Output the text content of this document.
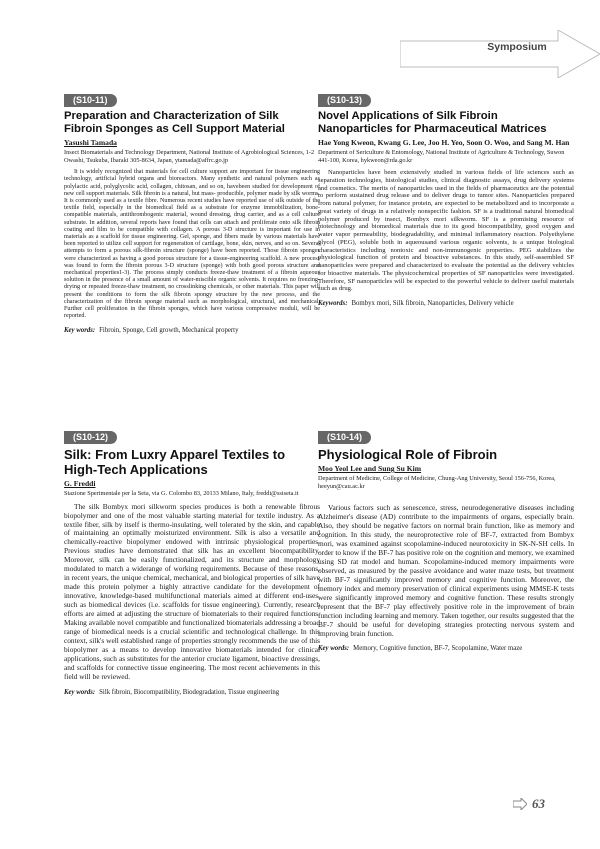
Symposium
(S10-11)
Preparation and Characterization of Silk Fibroin Sponges as Cell Support Material
Yasushi Tamada
Insect Biomaterials and Technology Department, National Institute of Agrobiological Sciences, 1-2 Owashi, Tsukuba, Ibaraki 305-8634, Japan, ytamada@affrc.go.jp

It is widely recognized that materials for cell culture support are important for tissue engineering technology, artificial hybrid organs and bioreactors. Many synthetic and natural polymers such as polylactic acid, polyglycolic acid, collagen, chitosan, and so on, havebeen studied for development of new cell support materials. Silk fibroin is a natural, but mass- producible, polymer made by silk worms. It is commonly used as a textile fibre. Numerous recent studies have reported use of silk outside of the textile field, especially in the biomedical field as a substrate for enzyme immobilization, bone- compatible materials, antithrombogenic material, wound dressing, drug carrier, and as a cell culture substrate. In addition, several reports have found that cells can attach and proliferate onto silk fibroin coating and film to be compatible with collagen. A porous 3-D structure is important for use in materials as a scaffold for tissue engineering. Gel, sponge, and fibers made by various materials have been reported to utilize cell support for regeneration of cartilage, bone, skin, nerves, and so on. Several attempts to form a porous silk-fibroin structure (sponge) have been reported. Those fibroin sponges were characterized as having a good porous structure for a tissue-engineering scaffold. A new process was found to form the fibroin porous 3-D structure (sponge) with both good porous structure and mechanical properties1-3). The process simply conducts freeze-thaw treatment of a fibroin aqueous solution in the presence of a small amount of water-miscible organic solvents. It requires no freezing-drying or repeated freeze-thaw treatment, no crosslinking chemicals, or other materials. This paper will present the conditions to form the silk fibroin spongy structure by the new process, and the characterization of the fibroin sponge material such as morphological, structural, and mechanical. Further cell proliferation in the fibroin sponges, which have various compressive moduli, will be reported.

Key words: Fibroin, Sponge, Cell growth, Mechanical property
(S10-13)
Novel Applications of Silk Fibroin Nanoparticles for Pharmaceutical Matrices
Hae Yong Kweon, Kwang G. Lee, Joo H. Yeo, Soon O. Woo, and Sang M. Han
Department of Sericulture & Entomology, National Institute of Agriculture & Technology, Suwon 441-100, Korea, hykweon@rda.go.kr

Nanoparticles have been extensively studied in various fields of life sciences such as separation technologies, histological studies, clinical diagnostic assays, drug delivery systems and cosmetics. The merits of nanoparticles used in the fields of pharmaceutics are the potential to perform sustained drug release and to deliver drugs to tumor sites. Nanoparticles prepared from natural polymer, for instance protein, are expected to be metabolized and to incorporate a great variety of drugs in a relatively nonspecific fashion. SF is a traditional natural biomedical polymer produced by insect, Bombyx mori silkworm. SF is a promising resource of biotechnology and biomedical materials due to its good biocompatibility, good oxygen and water vapor permeability, biodegradability, and minimal inflammatory reaction. Polyethylene glycol (PEG), soluble both in aqueousand various organic solvents, is a unique biological characteristics including nontoxic and non-immunogenic properties. PEG stabilizes the physiological function of protein and bioactive substances. In this study, self-assembled SF nanoparticles were prepared and characterized to evaluate the potential as the delivery vehicles for bioactive materials. The physicochemical properties of SF nanoparticles were investigated. Therefore, SF nanoparticles will be expected to the powerful vehicle to deliver useful materials such as drug.

Keywords: Bombyx mori, Silk fibroin, Nanoparticles, Delivery vehicle
(S10-12)
Silk: From Luxry Apparel Textiles to High-Tech Applications
G. Freddi
Stazione Sperimentale per la Seta, via G. Colombo 83, 20133 Milano, Italy, freddi@ssiseta.it

The silk Bombyx mori silkworm species produces is both a renewable fibrous biopolymer and one of the most valuable starting material for textile industry. As a textile fiber, silk by itself is thermo-insulating, well tolerated by the skin, and capable of maintaining an optimally moisturized environment. Silk is also a versatile and chemically-reactive biopolymer endowed with intrinsic physiological properties. Previous studies have demonstrated that silk has an excellent biocompatibility. Moreover, silk can be easily functionalized, and its structure and morphology modulated to match a widerange of working requirements. Because of these reasons, in recent years, the unique chemical, mechanical, and biological properties of silk have made this protein polymer a highly attractive candidate for the development of innovative, knowledge-based multifunctional materials aimed at different end-uses, such as biomedical devices (i.e. scaffolds for tissue engineering). Currently, research efforts are aimed at adjusting the structure of biomaterials to their required functions. Making available novel compatible and functionalized biomaterials addressing a broad range of biomedical needs is a crucial scientific and technological challenge. In this context, silk's well established range of properties strongly recommends the use of this biopolymer as a means to develop innovative biomaterials intended for clinical applications, such as substitutes for the anterior cruciate ligament, bioactive dressings, and scaffolds for connective tissue engineering. The most recent achievements in this field will be reviewed.

Key words: Silk fibroin, Biocompatibility, Biodegradation, Tissue engineering
(S10-14)
Physiological Role of Fibroin
Moo Yeol Lee and Sung Su Kim
Department of Medicine, College of Medicine, Chung-Ang University, Seoul 156-756, Korea, heeyun@cau.ac.kr

Various factors such as senescence, stress, neurodegenerative diseases including Alzheimer's disease (AD) contribute to the impairments of organs, especially brain. Also, they should be negative factors on normal brain function, like as memory and cognition. In this study, the neuroprotective role of BF-7, extracted from Bombyx mori, was examined against scopolamine-induced neurotoxicity in SK-N-SH cells. In order to know if the BF-7 has positive role on the cognition and memory, we examined using SD rat model and human. Scopolamine-induced memory impairments were observed, as measured by the passive avoidance and water maze tests, but treatment with BF-7 significantly improved memory and cognitive function. Moreover, the memory index and memory preservation of clinical experiments using MMSE-K tests were significantly improved memory and cognitive function. These results strongly represent that the BF-7 play effectively positive role in the improvement of brain function including learning and memory. Taken together, our results suggested that the BF-7 should be useful for developing strategies protecting nervous system and improving brain function.

Key words: Memory, Cognitive function, BF-7, Scopolamine, Water maze
63
